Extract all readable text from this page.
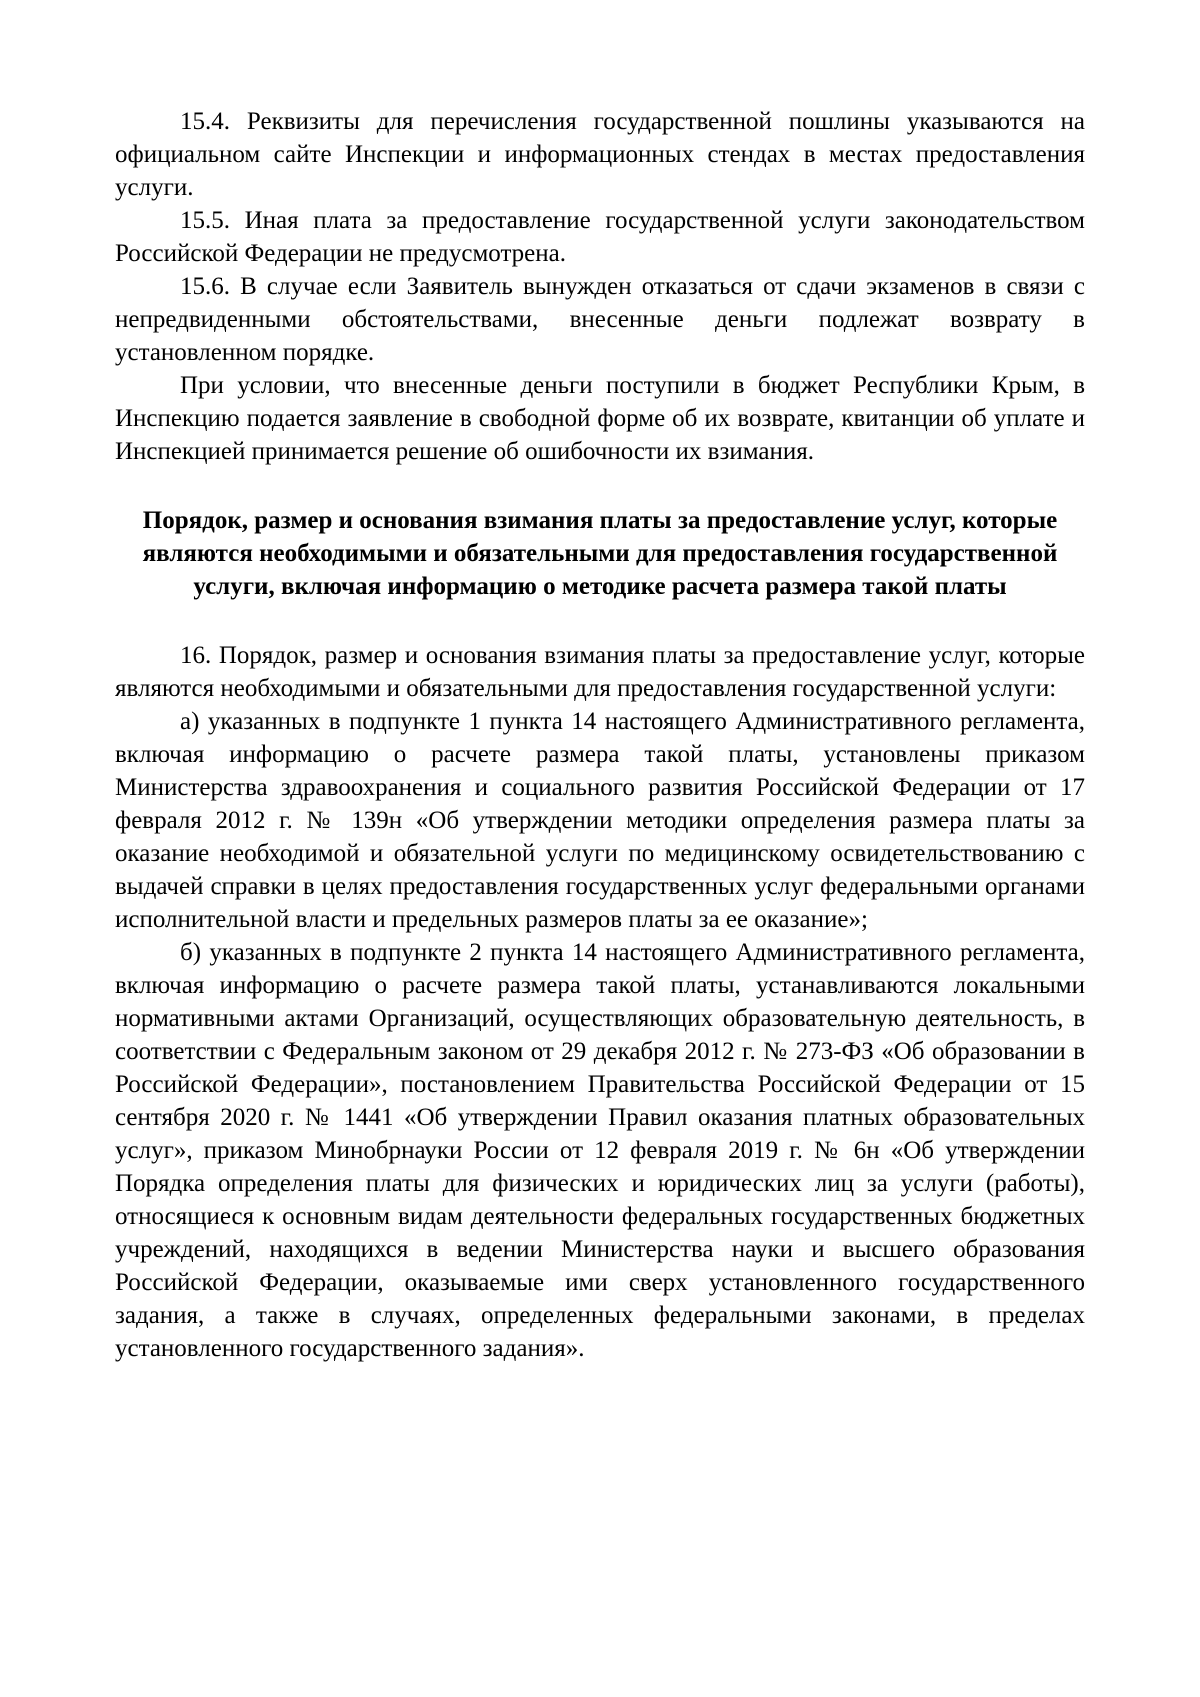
15.4. Реквизиты для перечисления государственной пошлины указываются на официальном сайте Инспекции и информационных стендах в местах предоставления услуги.

15.5. Иная плата за предоставление государственной услуги законодательством Российской Федерации не предусмотрена.

15.6. В случае если Заявитель вынужден отказаться от сдачи экзаменов в связи с непредвиденными обстоятельствами, внесенные деньги подлежат возврату в установленном порядке.

При условии, что внесенные деньги поступили в бюджет Республики Крым, в Инспекцию подается заявление в свободной форме об их возврате, квитанции об уплате и Инспекцией принимается решение об ошибочности их взимания.

Порядок, размер и основания взимания платы за предоставление услуг, которые являются необходимыми и обязательными для предоставления государственной услуги, включая информацию о методике расчета размера такой платы

16. Порядок, размер и основания взимания платы за предоставление услуг, которые являются необходимыми и обязательными для предоставления государственной услуги:

а) указанных в подпункте 1 пункта 14 настоящего Административного регламента, включая информацию о расчете размера такой платы, установлены приказом Министерства здравоохранения и социального развития Российской Федерации от 17 февраля 2012 г. № 139н «Об утверждении методики определения размера платы за оказание необходимой и обязательной услуги по медицинскому освидетельствованию с выдачей справки в целях предоставления государственных услуг федеральными органами исполнительной власти и предельных размеров платы за ее оказание»;

б) указанных в подпункте 2 пункта 14 настоящего Административного регламента, включая информацию о расчете размера такой платы, устанавливаются локальными нормативными актами Организаций, осуществляющих образовательную деятельность, в соответствии с Федеральным законом от 29 декабря 2012 г. № 273-ФЗ «Об образовании в Российской Федерации», постановлением Правительства Российской Федерации от 15 сентября 2020 г. № 1441 «Об утверждении Правил оказания платных образовательных услуг», приказом Минобрнауки России от 12 февраля 2019 г. № 6н «Об утверждении Порядка определения платы для физических и юридических лиц за услуги (работы), относящиеся к основным видам деятельности федеральных государственных бюджетных учреждений, находящихся в ведении Министерства науки и высшего образования Российской Федерации, оказываемые ими сверх установленного государственного задания, а также в случаях, определенных федеральными законами, в пределах установленного государственного задания».
